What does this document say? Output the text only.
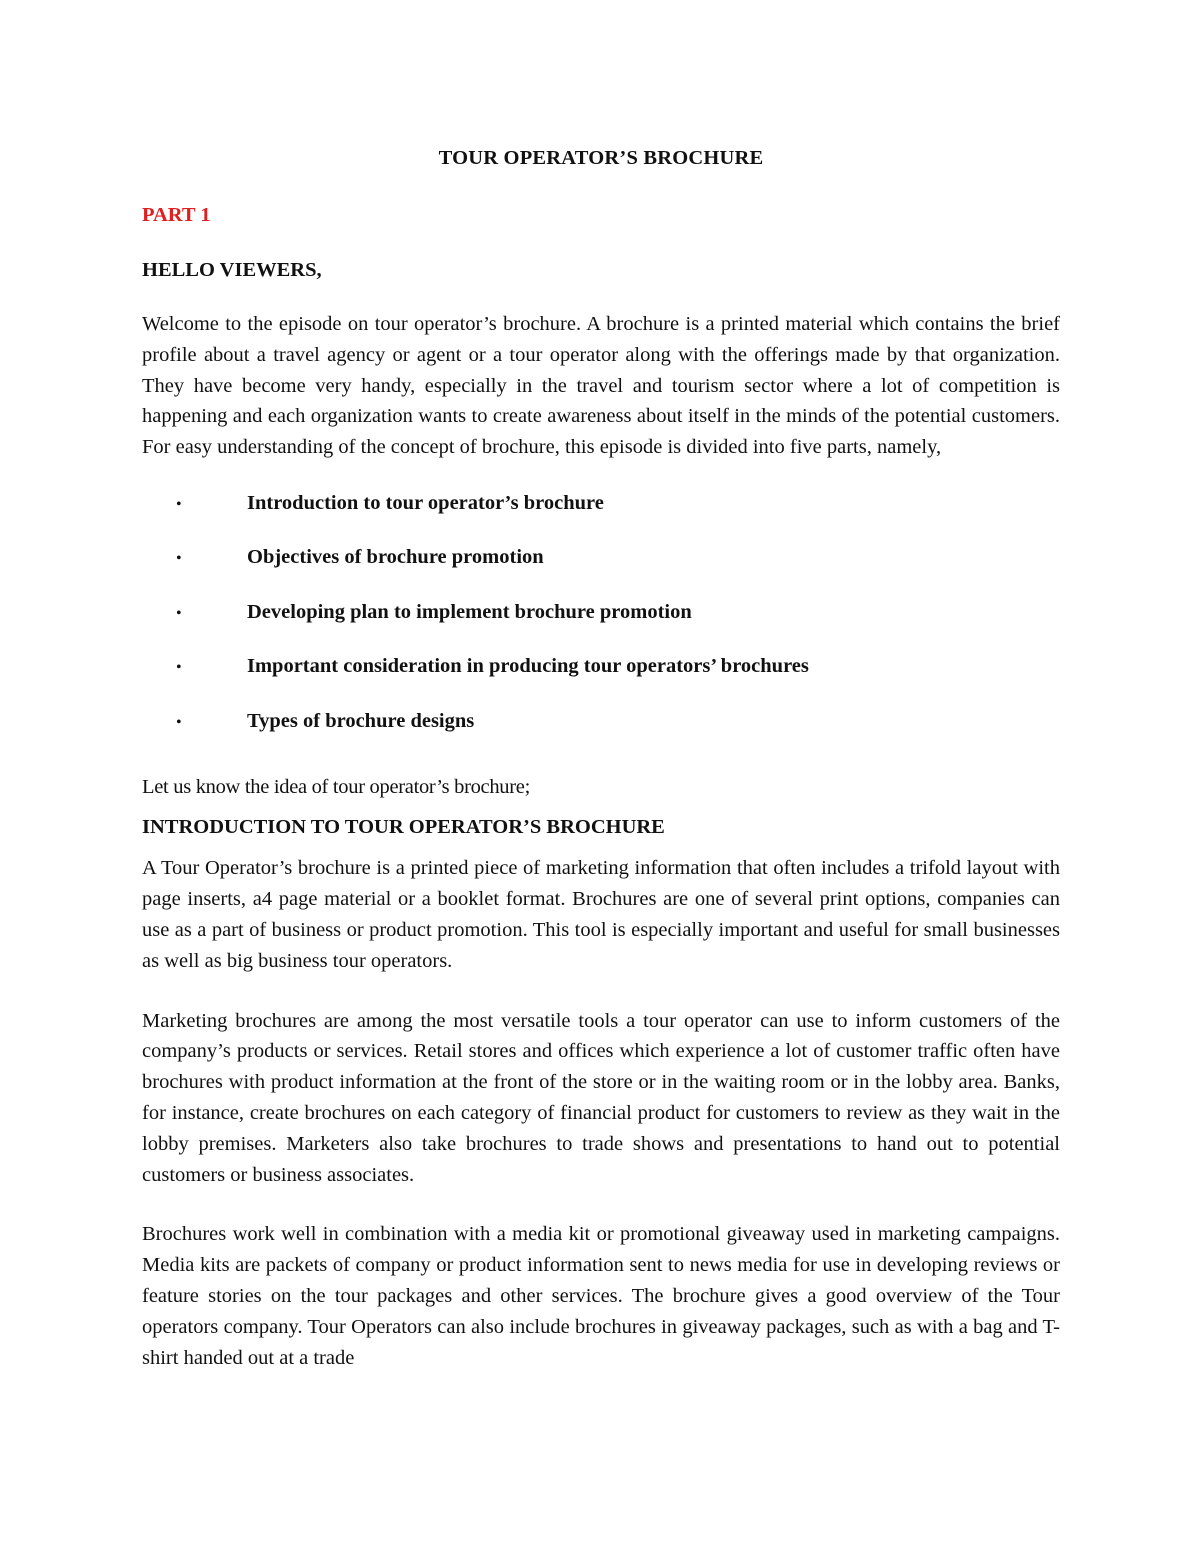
TOUR OPERATOR’S BROCHURE
PART 1
HELLO VIEWERS,

Welcome to the episode on tour operator’s brochure. A brochure is a printed material which contains the brief profile about a travel agency or agent or a tour operator along with the offerings made by that organization. They have become very handy, especially in the travel and tourism sector where a lot of competition is happening and each organization wants to create awareness about itself in the minds of the potential customers. For easy understanding of the concept of brochure, this episode is divided into five parts, namely,

•	Introduction to tour operator’s brochure
•	Objectives of brochure promotion
•	Developing plan to implement brochure promotion
•	Important consideration in producing tour operators’ brochures
•	Types of brochure designs
Let us know the idea of tour operator’s brochure;
INTRODUCTION TO TOUR OPERATOR’S BROCHURE

A Tour Operator’s brochure is a printed piece of marketing information that often includes a trifold layout with page inserts, a4 page material or a booklet format. Brochures are one of several print options, companies can use as a part of business or product promotion. This tool is especially important and useful for small businesses as well as big business tour operators.

Marketing brochures are among the most versatile tools a tour operator can use to inform customers of the company’s products or services. Retail stores and offices which experience a lot of customer traffic often have brochures with product information at the front of the store or in the waiting room or in the lobby area. Banks, for instance, create brochures on each category of financial product for customers to review as they wait in the lobby premises. Marketers also take brochures to trade shows and presentations to hand out to potential customers or business associates.

Brochures work well in combination with a media kit or promotional giveaway used in marketing campaigns. Media kits are packets of company or product information sent to news media for use in developing reviews or feature stories on the tour packages and other services. The brochure gives a good overview of the Tour operators company. Tour Operators can also include brochures in giveaway packages, such as with a bag and T-shirt handed out at a trade
